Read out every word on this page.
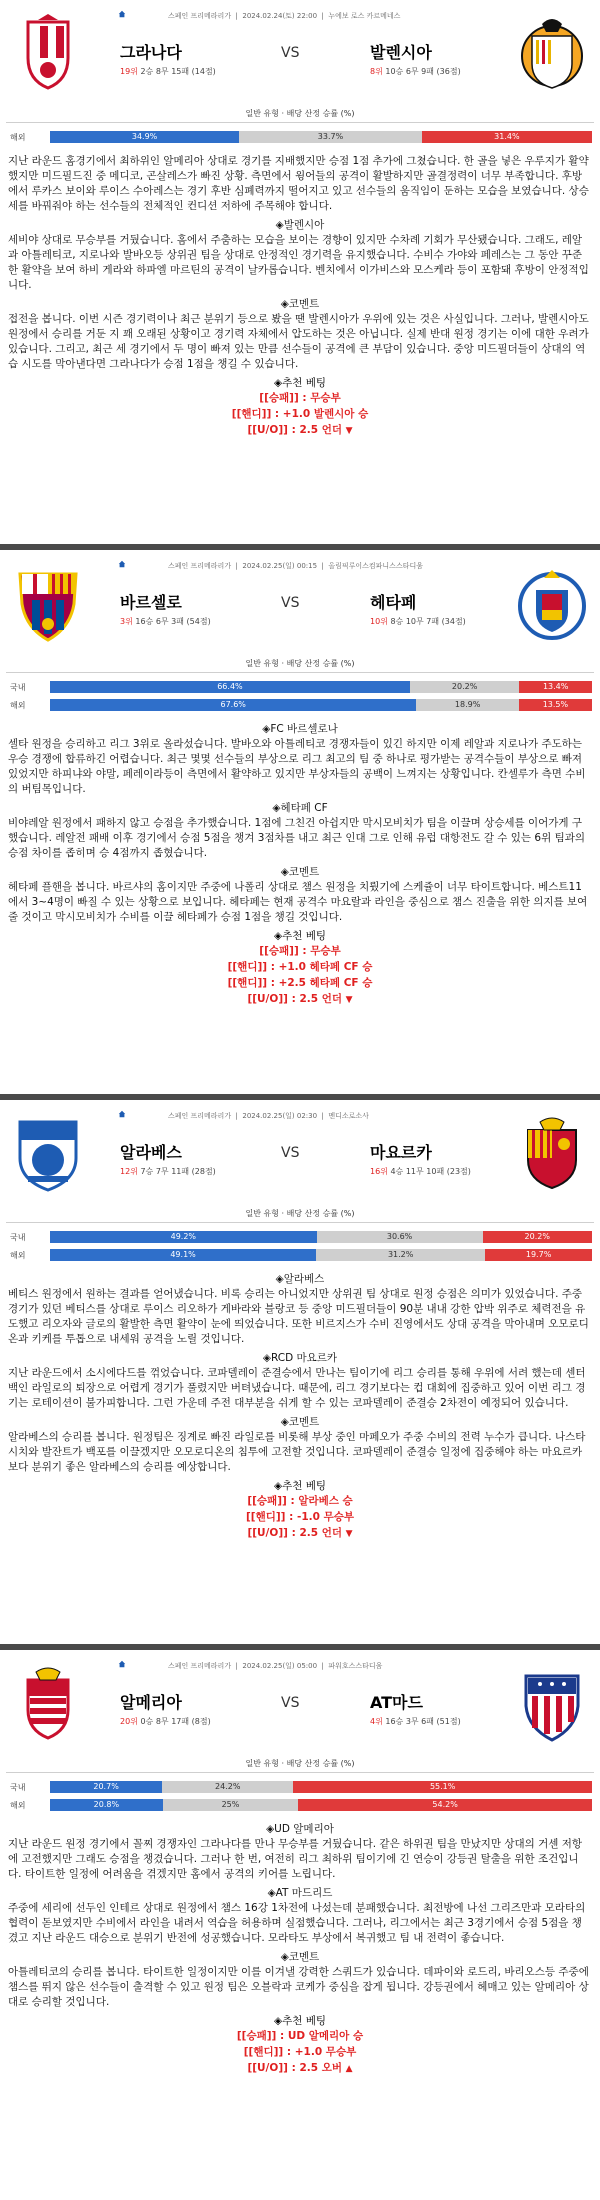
스페인 프리메라리가  |  2024.02.24(토) 22:00  |  누에보 로스 카르메네스
그라나다	발렌시아
19위 2승 8무 15패 (14점)	8위 10승 6무 9패 (36점)
VS
일반 유형 · 배당 산정 승률 (%)
해외	34.9%	33.7%	31.4%
지난 라운드 홈경기에서 최하위인 알메리아 상대로 경기를 지배했지만 승점 1점 추가에 그쳤습니다. 한 골을 넣은 우루지가 활약했지만 미드필드진 중 메디코, 곤살레스가 빠진 상황. 측면에서 윙어들의 공격이 활발하지만 골결정력이 너무 부족합니다. 후방에서 루카스 보이와 루이스 수아레스는 경기 후반 심폐력까지 떨어지고 있고 선수들의 움직임이 둔하는 모습을 보였습니다. 상승세를 바꿔줘야 하는 선수들의 전체적인 컨디션 저하에 주목해야 합니다.
◈발렌시아
세비야 상대로 무승부를 거뒀습니다. 홈에서 주춤하는 모습을 보이는 경향이 있지만 수차례 기회가 무산됐습니다. 그래도, 레알과 아틀레티코, 지로나와 발바오등 상위권 팀을 상대로 안정적인 경기력을 유지했습니다. 수비수 가야와 페레스는 그 동안 꾸준한 활약을 보여 하비 게라와 하파엘 마르틴의 공격이 날카롭습니다. 벤치에서 이가비스와 모스케라 등이 포함돼 후방이 안정적입니다.
◈코멘트
접전을 봅니다. 이번 시즌 경기력이나 최근 분위기 등으로 봤을 땐 발렌시아가 우위에 있는 것은 사실입니다. 그러나, 발렌시아도 원정에서 승리를 거둔 지 꽤 오래된 상황이고 경기력 자체에서 압도하는 것은 아닙니다. 실제 반대 원정 경기는 이에 대한 우려가 있습니다. 그리고, 최근 세 경기에서 두 명이 빠져 있는 만큼 선수들이 공격에 큰 부담이 있습니다. 중앙 미드필더들이 상대의 역습 시도를 막아낸다면 그라나다가 승점 1점을 챙길 수 있습니다.
◈추천 베팅
[[승패]] : 무승부
[[핸디]] : +1.0 발렌시아 승
[[U/O]] : 2.5 언더 ▼
스페인 프리메라리가  |  2024.02.25(일) 00:15  |  올림픽루이스컴파니스스타디움
바르셀로	헤타페
3위 16승 6무 3패 (54점)	10위 8승 10무 7패 (34점)
VS
일반 유형 · 배당 산정 승률 (%)
국내	66.4%	20.2%	13.4%
해외	67.6%	18.9%	13.5%
◈FC 바르셀로나
셀타 원정을 승리하고 리그 3위로 올라섰습니다. 발바오와 아틀레티코 경쟁자들이 있긴 하지만 이제 레알과 지로나가 주도하는 우승 경쟁에 합류하긴 어렵습니다. 최근 몇몇 선수들의 부상으로 리그 최고의 팀 중 하나로 평가받는 공격수들이 부상으로 빠져있었지만 하피냐와 야말, 페레이라등이 측면에서 활약하고 있지만 부상자들의 공백이 느껴지는 상황입니다. 칸셀루가 측면 수비의 버팀목입니다.
◈헤타페 CF
비야레알 원정에서 패하지 않고 승점을 추가했습니다. 1점에 그친건 아쉽지만 막시모비치가 팀을 이끌며 상승세를 이어가게 구했습니다. 레알전 패배 이후 경기에서 승점 5점을 챙겨 3점차를 내고 최근 인대 그로 인해 유럽 대항전도 갈 수 있는 6위 팀과의 승점 차이를 좁히며 승 4점까지 좁혔습니다.
◈코멘트
헤타페 플핸을 봅니다. 바르샤의 홈이지만 주중에 나폴리 상대로 챔스 원정을 치뤘기에 스케쥴이 너무 타이트합니다. 베스트11에서 3~4명이 빠질 수 있는 상황으로 보입니다. 헤타페는 현재 공격수 마요랄과 라인을 중심으로 챔스 진출을 위한 의지를 보여줄 것이고 막시모비치가 수비를 이끌 헤타페가 승점 1점을 챙길 것입니다.
◈추천 베팅
[[승패]] : 무승부
[[핸디]] : +1.0 헤타페 CF 승
[[핸디]] : +2.5 헤타페 CF 승
[[U/O]] : 2.5 언더 ▼
스페인 프리메라리가  |  2024.02.25(일) 02:30  |  멘디소로소사
알라베스	마요르카
12위 7승 7무 11패 (28점)	16위 4승 11무 10패 (23점)
VS
일반 유형 · 배당 산정 승률 (%)
국내	49.2%	30.6%	20.2%
해외	49.1%	31.2%	19.7%
◈알라베스
베티스 원정에서 원하는 결과를 얻어냈습니다. 비록 승리는 아니었지만 상위권 팀 상대로 원정 승점은 의미가 있었습니다. 주중 경기가 있던 베티스를 상대로 루이스 리오하가 게바라와 블랑코 등 중앙 미드필더들이 90분 내내 강한 압박 위주로 체력전을 유도했고 리오자와 글로의 활발한 측면 활약이 눈에 띄었습니다. 또한 비르지스가 수비 진영에서도 상대 공격을 막아내며 오모로디온과 키케를 투톱으로 내세워 공격을 노릴 것입니다.
◈RCD 마요르카
지난 라운드에서 소시에다드를 꺾었습니다. 코파델레이 준결승에서 만나는 팀이기에 리그 승리를 통해 우위에 서려 했는데 센터백인 라일로의 퇴장으로 어렵게 경기가 풀렸지만 버텨냈습니다. 때문에, 리그 경기보다는 컵 대회에 집중하고 있어 이번 리그 경기는 로테이션이 불가피합니다. 그런 가운데 주전 대부분을 쉬게 할 수 있는 코파델레이 준결승 2차전이 예정되어 있습니다.
◈코멘트
알라베스의 승리를 봅니다. 원정팀은 징계로 빠진 라일로를 비롯해 부상 중인 마페오가 주중 수비의 전력 누수가 큽니다. 나스타시치와 발잔트가 백포를 이끌겠지만 오모로디온의 침투에 고전할 것입니다. 코파델레이 준결승 일정에 집중해야 하는 마요르카 보다 분위기 좋은 알라베스의 승리를 예상합니다.
◈추천 베팅
[[승패]] : 알라베스 승
[[핸디]] : -1.0 무승부
[[U/O]] : 2.5 언더 ▼
스페인 프리메라리가  |  2024.02.25(일) 05:00  |  파워호스스타디움
알메리아	AT마드
20위 0승 8무 17패 (8점)	4위 16승 3무 6패 (51점)
VS
일반 유형 · 배당 산정 승률 (%)
국내	20.7%	24.2%	55.1%
해외	20.8%	25%	54.2%
◈UD 알메리아
지난 라운드 원정 경기에서 꼴찌 경쟁자인 그라나다를 만나 무승부를 거뒀습니다. 같은 하위권 팀을 만났지만 상대의 거센 저항에 고전했지만 그래도 승점을 챙겼습니다. 그러나 한 번, 여전히 리그 최하위 팀이기에 긴 연승이 강등권 탈출을 위한 조건입니다. 타이트한 일정에 어려움을 겪겠지만 홈에서 공격의 키어를 노립니다.
◈AT 마드리드
주중에 세리에 선두인 인테르 상대로 원정에서 챔스 16강 1차전에 나섰는데 분패했습니다. 최전방에 나선 그리즈만과 모라타의 협력이 돋보였지만 수비에서 라인을 내려서 역습을 허용하며 실점했습니다. 그러나, 리그에서는 최근 3경기에서 승점 5점을 챙겼고 지난 라운드 대승으로 분위기 반전에 성공했습니다. 모라타도 부상에서 복귀했고 팀 내 전력이 좋습니다.
◈코멘트
아틀레티코의 승리를 봅니다. 타이트한 일정이지만 이를 이겨낼 강력한 스쿼드가 있습니다. 데파이와 로드리, 바리오스등 주중에 챔스를 뛰지 않은 선수들이 출격할 수 있고 원정 팀은 오블락과 코케가 중심을 잡게 됩니다. 강등권에서 헤매고 있는 알메리아 상대로 승리할 것입니다.
◈추천 베팅
[[승패]] : UD 알메리아 승
[[핸디]] : +1.0 무승부
[[U/O]] : 2.5 오버 ▲
